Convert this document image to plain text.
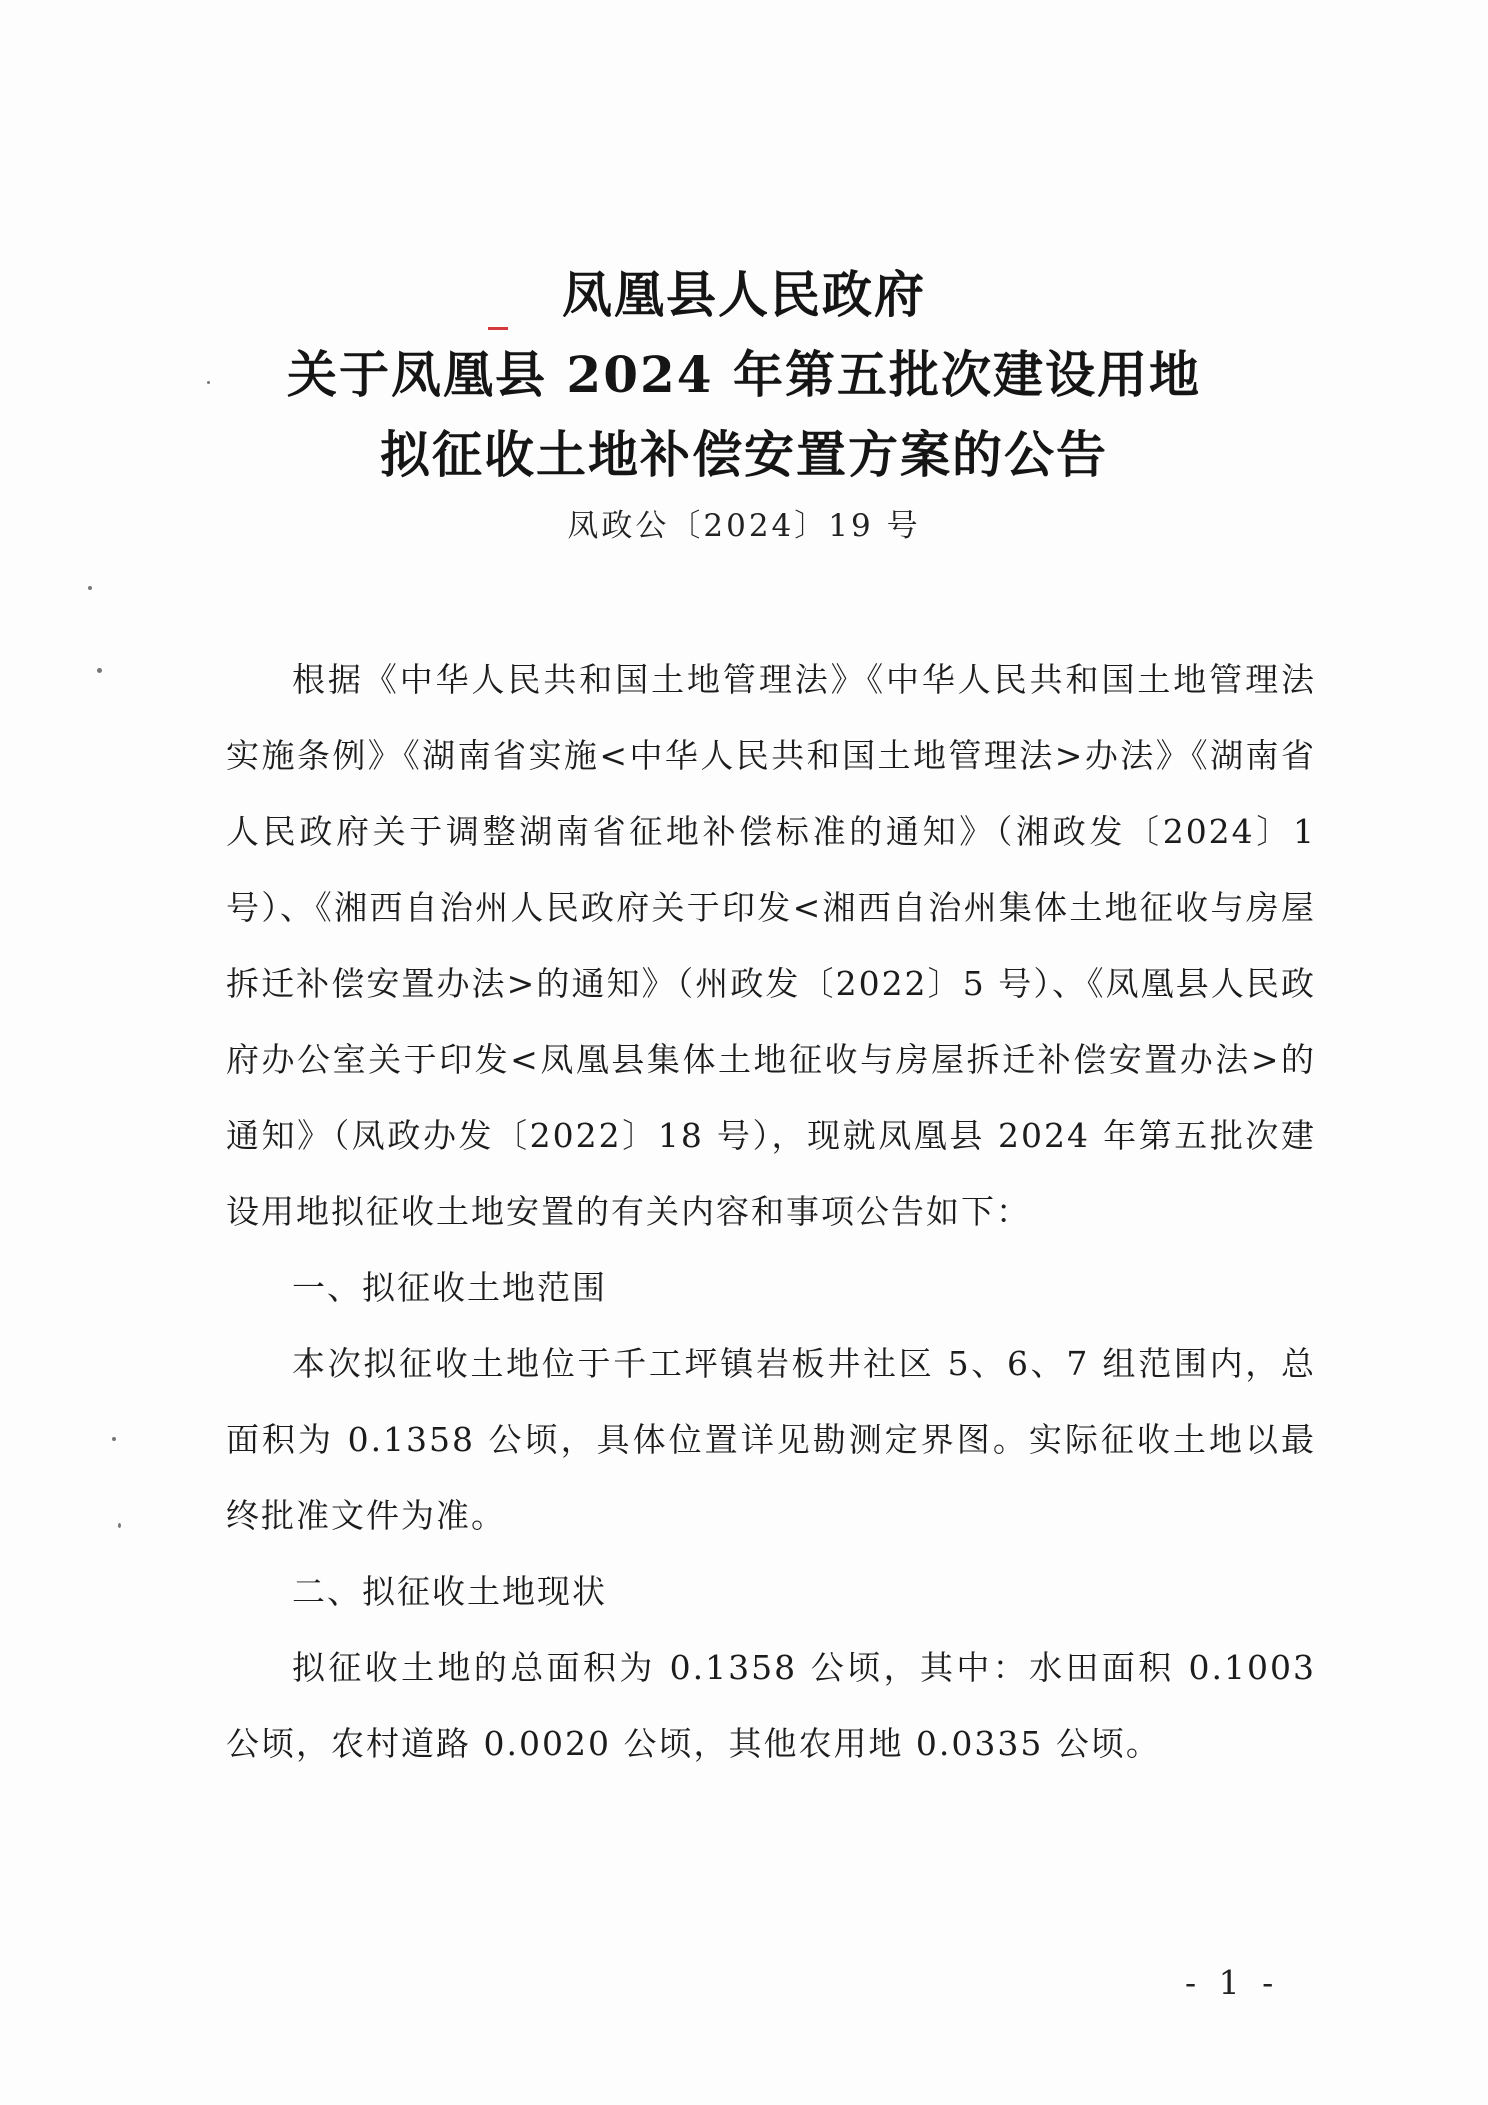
凤凰县人民政府
关于凤凰县 2024 年第五批次建设用地
拟征收土地补偿安置方案的公告
凤政公〔2024〕19 号

根据《中华人民共和国土地管理法》《中华人民共和国土地管理法实施条例》《湖南省实施<中华人民共和国土地管理法>办法》《湖南省人民政府关于调整湖南省征地补偿标准的通知》（湘政发〔2024〕1 号）、《湘西自治州人民政府关于印发<湘西自治州集体土地征收与房屋拆迁补偿安置办法>的通知》（州政发〔2022〕5 号）、《凤凰县人民政府办公室关于印发<凤凰县集体土地征收与房屋拆迁补偿安置办法>的通知》（凤政办发〔2022〕18 号），现就凤凰县 2024 年第五批次建设用地拟征收土地安置的有关内容和事项公告如下：

一、拟征收土地范围

本次拟征收土地位于千工坪镇岩板井社区 5、6、7 组范围内，总面积为 0.1358 公顷，具体位置详见勘测定界图。实际征收土地以最终批准文件为准。

二、拟征收土地现状

拟征收土地的总面积为 0.1358 公顷，其中：水田面积 0.1003 公顷，农村道路 0.0020 公顷，其他农用地 0.0335 公顷。

- 1 -
